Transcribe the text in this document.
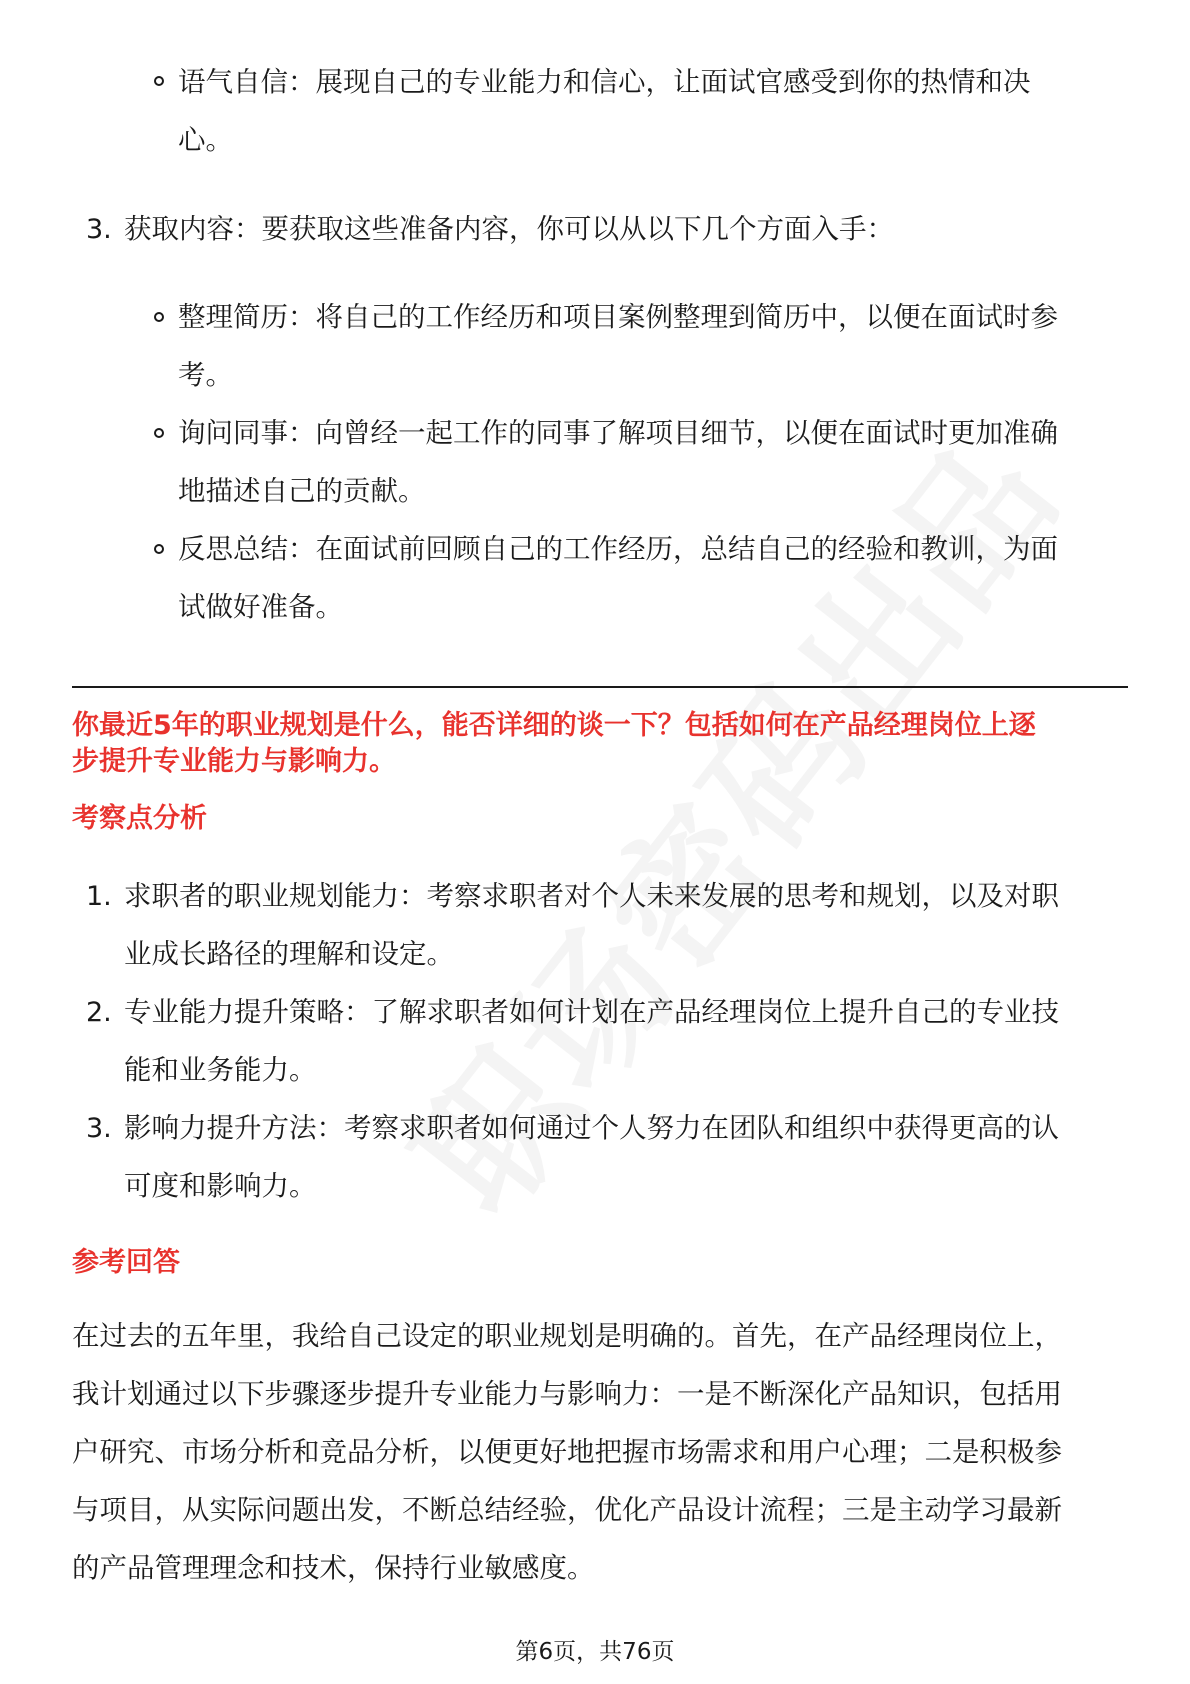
语气自信：展现自己的专业能力和信心，让面试官感受到你的热情和决
心。
3. 获取内容：要获取这些准备内容，你可以从以下几个方面入手：
整理简历：将自己的工作经历和项目案例整理到简历中，以便在面试时参
考。
询问同事：向曾经一起工作的同事了解项目细节，以便在面试时更加准确
地描述自己的贡献。
反思总结：在面试前回顾自己的工作经历，总结自己的经验和教训，为面
试做好准备。
你最近5年的职业规划是什么，能否详细的谈一下？包括如何在产品经理岗位上逐
步提升专业能力与影响力。
考察点分析
1. 求职者的职业规划能力：考察求职者对个人未来发展的思考和规划，以及对职
业成长路径的理解和设定。
2. 专业能力提升策略：了解求职者如何计划在产品经理岗位上提升自己的专业技
能和业务能力。
3. 影响力提升方法：考察求职者如何通过个人努力在团队和组织中获得更高的认
可度和影响力。
参考回答
在过去的五年里，我给自己设定的职业规划是明确的。首先，在产品经理岗位上，
我计划通过以下步骤逐步提升专业能力与影响力：一是不断深化产品知识，包括用
户研究、市场分析和竞品分析，以便更好地把握市场需求和用户心理；二是积极参
与项目，从实际问题出发，不断总结经验，优化产品设计流程；三是主动学习最新
的产品管理理念和技术，保持行业敏感度。
第6页，共76页
